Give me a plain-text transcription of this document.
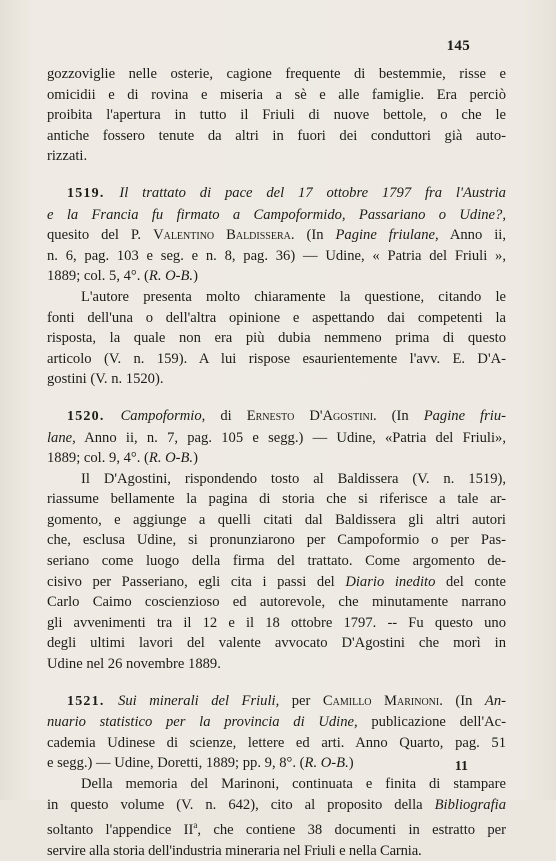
145

gozzoviglie nelle osterie, cagione frequente di bestemmie, risse e
omicidii e di rovina e miseria a sè e alle famiglie. Era perciò
proibita l'apertura in tutto il Friuli di nuove bettole, o che le
antiche fossero tenute da altri in fuori dei conduttori già auto-
rizzati.

1519 . Il trattato di pace del 17 ottobre 1797 fra l'Austria
e la Francia fu firmato a Campoformido, Passariano o Udine?,
quesito del P. Valentino Baldissera. (In Pagine friulane, Anno ii,
n. 6, pag. 103 e seg. e n. 8, pag. 36) — Udine, « Patria del Friuli »,
1889; col. 5, 4°. (R. O-B.)

L'autore presenta molto chiaramente la questione, citando le
fonti dell'una o dell'altra opinione e aspettando dai competenti la
risposta, la quale non era più dubia nemmeno prima di questo
articolo (V. n. 159). A lui rispose esaurientemente l'avv. E. D'A-
gostini (V. n. 1520).

1520 . Campoformio, di Ernesto D'Agostini. (In Pagine friu-
lane, Anno ii, n. 7, pag. 105 e segg.) — Udine, «Patria del Friuli»,
1889; col. 9, 4°. (R. O-B.)

Il D'Agostini, rispondendo tosto al Baldissera (V. n. 1519),
riassume bellamente la pagina di storia che si riferisce a tale ar-
gomento, e aggiunge a quelli citati dal Baldissera gli altri autori
che, esclusa Udine, si pronunziarono per Campoformio o per Pas-
seriano come luogo della firma del trattato. Come argomento de-
cisivo per Passeriano, egli cita i passi del Diario inedito del conte
Carlo Caimo coscienzioso ed autorevole, che minutamente narrano
gli avvenimenti tra il 12 e il 18 ottobre 1797. -- Fu questo uno
degli ultimi lavori del valente avvocato D'Agostini che morì in
Udine nel 26 novembre 1889.

1521 . Sui minerali del Friuli, per Camillo Marinoni. (In An-
nuario statistico per la provincia di Udine, publicazione dell'Ac-
cademia Udinese di scienze, lettere ed arti. Anno Quarto, pag. 51
e segg.) — Udine, Doretti, 1889; pp. 9, 8°. (R. O-B.)

Della memoria del Marinoni, continuata e finita di stampare
in questo volume (V. n. 642), cito al proposito della Bibliografia
soltanto l'appendice $II^a$, che contiene 38 documenti in estratto per
servire alla storia dell'industria mineraria nel Friuli e nella Carnia.

11
